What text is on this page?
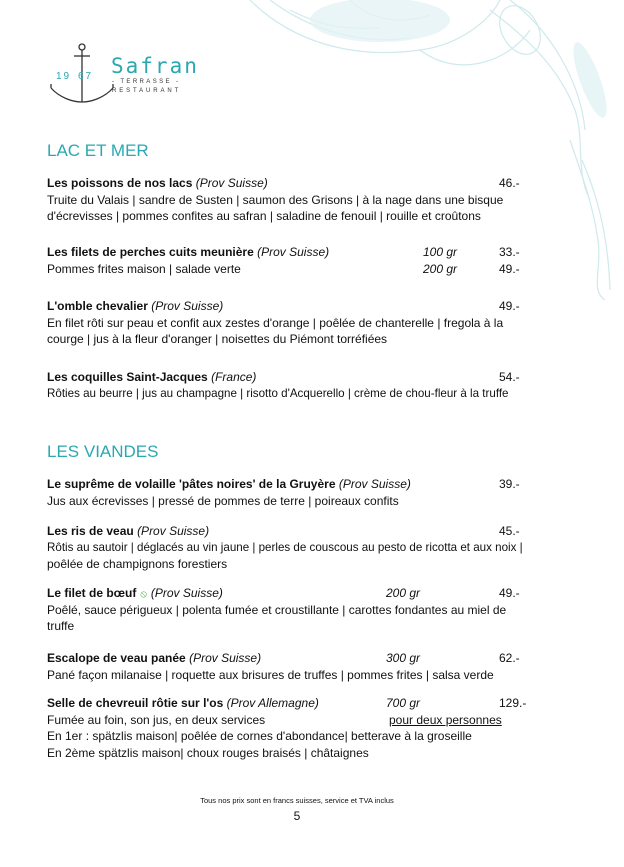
19 67 Safran
- TERRASSE -
RESTAURANT
LAC ET MER
Les poissons de nos lacs (Prov Suisse)	46.-
Truite du Valais | sandre de Susten | saumon des Grisons | à la nage dans une bisque
d'écrevisses | pommes confites au safran | saladine de fenouil | rouille et croûtons
Les filets de perches cuits meunière (Prov Suisse)	100 gr	33.-
Pommes frites maison | salade verte	200 gr	49.-
L'omble chevalier (Prov Suisse)	49.-
En filet rôti sur peau et confit aux zestes d'orange | poêlée de chanterelle | fregola à la
courge | jus à la fleur d'oranger | noisettes du Piémont torréfiées
Les coquilles Saint-Jacques (France)	54.-
Rôties au beurre | jus au champagne | risotto d'Acquerello | crème de chou-fleur à la truffe
LES VIANDES
Le suprême de volaille 'pâtes noires' de la Gruyère (Prov Suisse)	39.-
Jus aux écrevisses | pressé de pommes de terre | poireaux confits
Les ris de veau (Prov Suisse)	45.-
Rôtis au sautoir | déglacés au vin jaune | perles de couscous au pesto de ricotta et aux noix |
poêlée de champignons forestiers
Le filet de bœuf ⦸ (Prov Suisse)	200 gr	49.-
Poêlé, sauce périgueux | polenta fumée et croustillante | carottes fondantes au miel de
truffe
Escalope de veau panée (Prov Suisse)	300 gr	62.-
Pané façon milanaise | roquette aux brisures de truffes | pommes frites | salsa verde
Selle de chevreuil rôtie sur l'os (Prov Allemagne)	700 gr	129.-
Fumée au foin, son jus, en deux services	pour deux personnes
En 1er : spätzlis maison| poêlée de cornes d'abondance| betterave à la groseille
En 2ème spätzlis maison| choux rouges braisés | châtaignes
Tous nos prix sont en francs suisses, service et TVA inclus
5
